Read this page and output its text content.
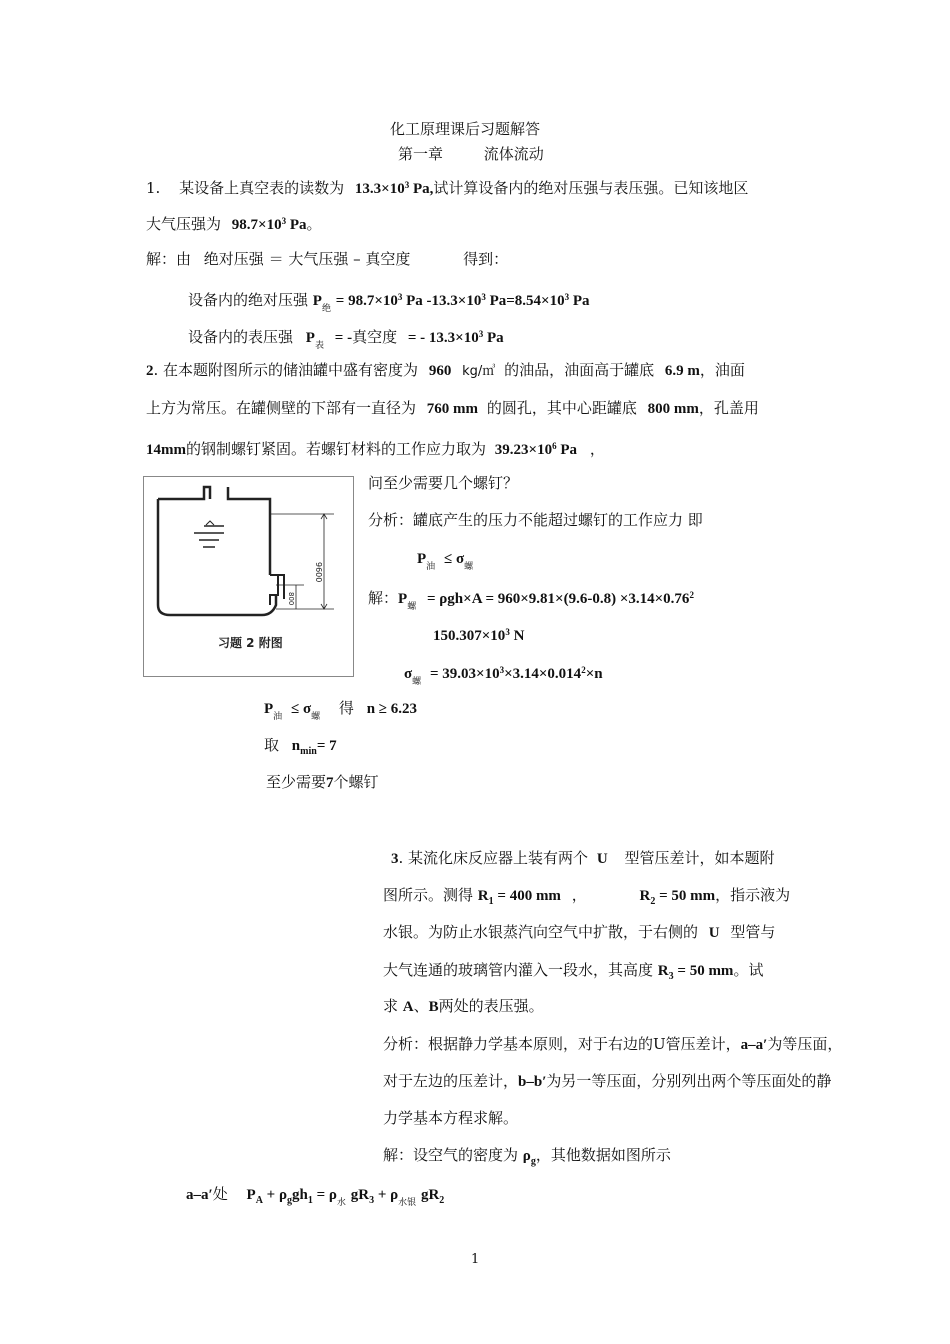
化工原理课后习题解答
第一章	流体流动
1. 某设备上真空表的读数为 $13.3\times 10^3$ Pa,试计算设备内的绝对压强与表压强。已知该地区
大气压强为 $98.7\times 10^3$ Pa。
解：由 绝对压强 ＝ 大气压强 – 真空度	得到：
设备内的绝对压强 $P_绝 = 98.7\times 10^3$ Pa $-13.3\times 10^3$ $Pa=8.54\times 10^3$ Pa
设备内的表压强 $P_表$ = -真空度 = - $13.3\times 10^3$ Pa
2. 在本题附图所示的储油罐中盛有密度为 960 kg/㎥ 的油品，油面高于罐底 6.9 m，油面
上方为常压。在罐侧壁的下部有一直径为 760 mm 的圆孔，其中心距罐底 800 mm，孔盖用
14mm的钢制螺钉紧固。若螺钉材料的工作应力取为 $39.23\times 10^6$ Pa ，
9600
800
习题 2 附图
问至少需要几个螺钉？
分析：罐底产生的压力不能超过螺钉的工作应力 即
$P_油 \le \sigma_螺$
解：$P_螺 = \rho gh\times A = 960\times 9.81\times(9.6-0.8) \times 3.14\times 0.76^2$
$150.307\times 10^3$ N
$\sigma_螺 = 39.03\times 10^3\times 3.14\times 0.014^2\times n$
$P_油 \le \sigma_螺$ 得 n ≥ 6.23
取 $n_{min}= 7$
至少需要7个螺钉
3. 某流化床反应器上装有两个 U 型管压差计，如本题附
图所示。测得 $R_1 = 400$ mm ，	$R_2 = 50$ mm，指示液为
水银。为防止水银蒸汽向空气中扩散，于右侧的 U 型管与
大气连通的玻璃管内灌入一段水，其高度 $R_3 = 50$ mm。试
求 A、B两处的表压强。
分析：根据静力学基本原则，对于右边的U管压差计，a–a′为等压面，
对于左边的压差计，b–b′为另一等压面，分别列出两个等压面处的静
力学基本方程求解。
解：设空气的密度为 $\rho_g$，其他数据如图所示
a–a′处 $P_A + \rho_ggh_1 = \rho_水$ $gR_3 + \rho_{水银}$ $gR_2$
1
